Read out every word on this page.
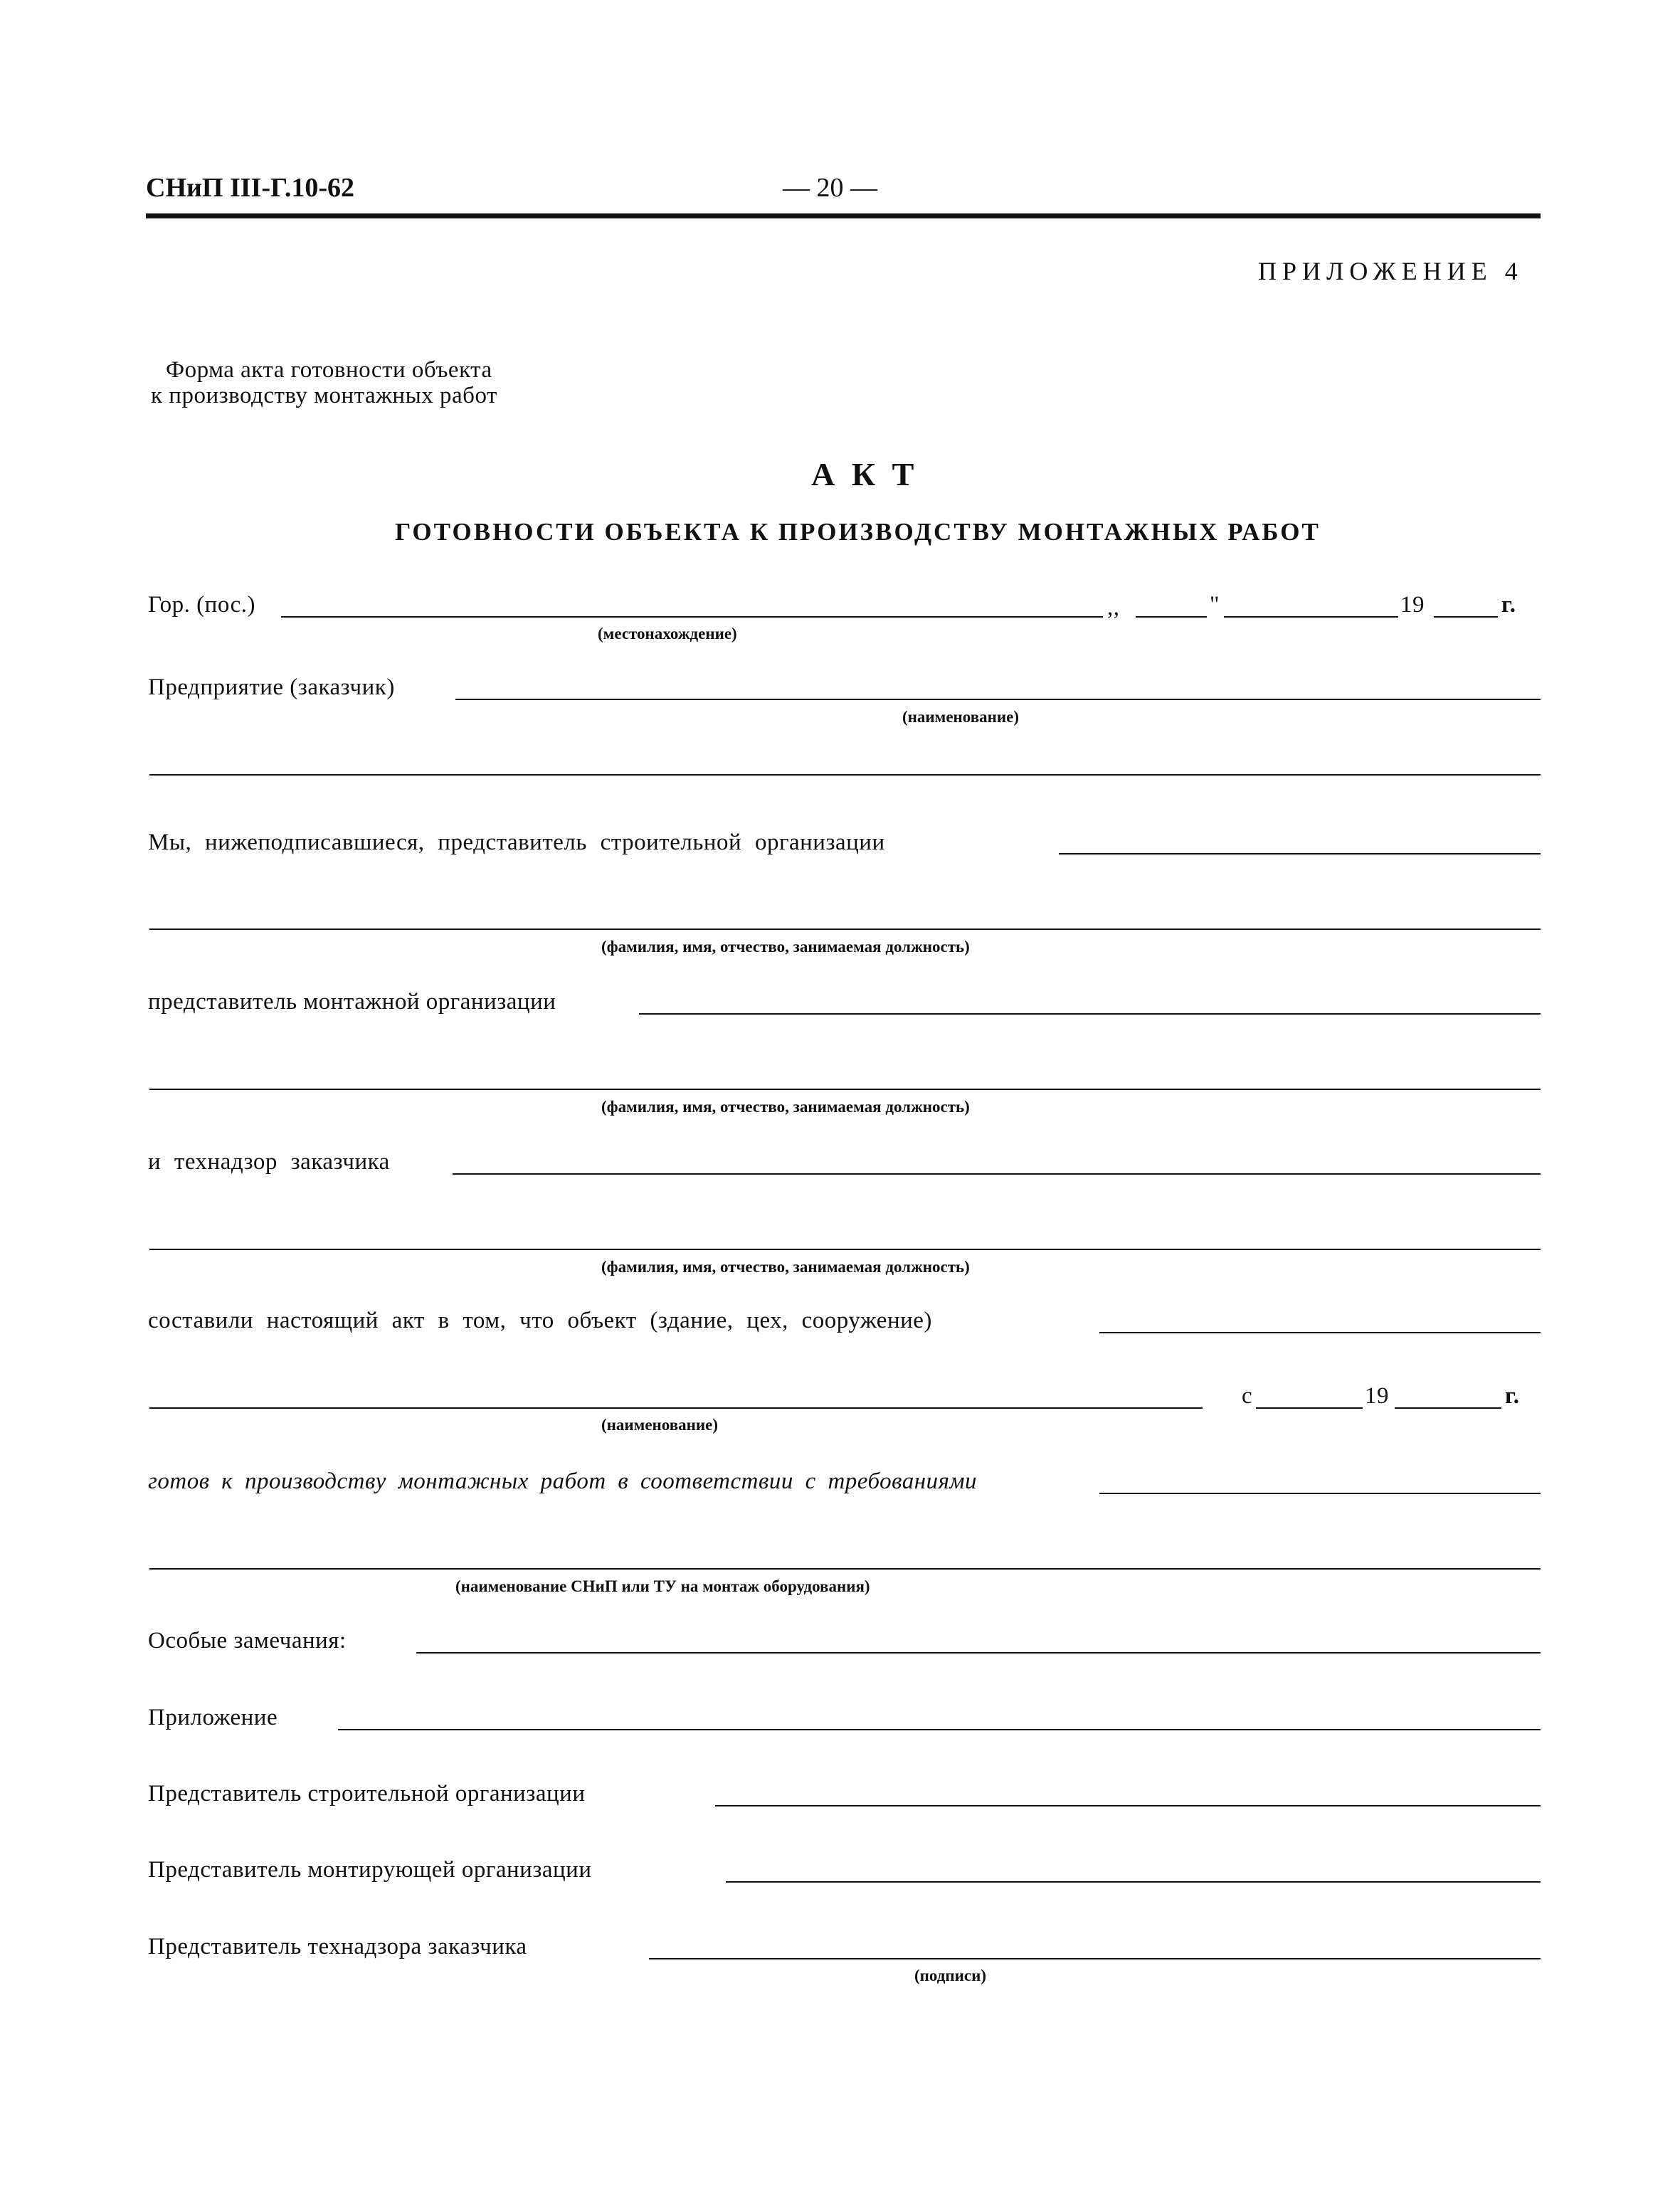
СНиП III-Г.10-62	— 20 —
ПРИЛОЖЕНИЕ 4
Форма акта готовности объекта
к производству монтажных работ
А К Т
ГОТОВНОСТИ ОБЪЕКТА К ПРОИЗВОДСТВУ МОНТАЖНЫХ РАБОТ
Гор. (пос.)	,,	"	19	г.
(местонахождение)
Предприятие (заказчик)
(наименование)
Мы, нижеподписавшиеся, представитель строительной организации
(фамилия, имя, отчество, занимаемая должность)
представитель монтажной организации
(фамилия, имя, отчество, занимаемая должность)
и технадзор заказчика
(фамилия, имя, отчество, занимаемая должность)
составили настоящий акт в том, что объект (здание, цех, сооружение)
с	19	г.
(наименование)
готов к производству монтажных работ в соответствии с требованиями
(наименование СНиП или ТУ на монтаж оборудования)
Особые замечания:
Приложение
Представитель строительной организации
Представитель монтирующей организации
Представитель технадзора заказчика
(подписи)
